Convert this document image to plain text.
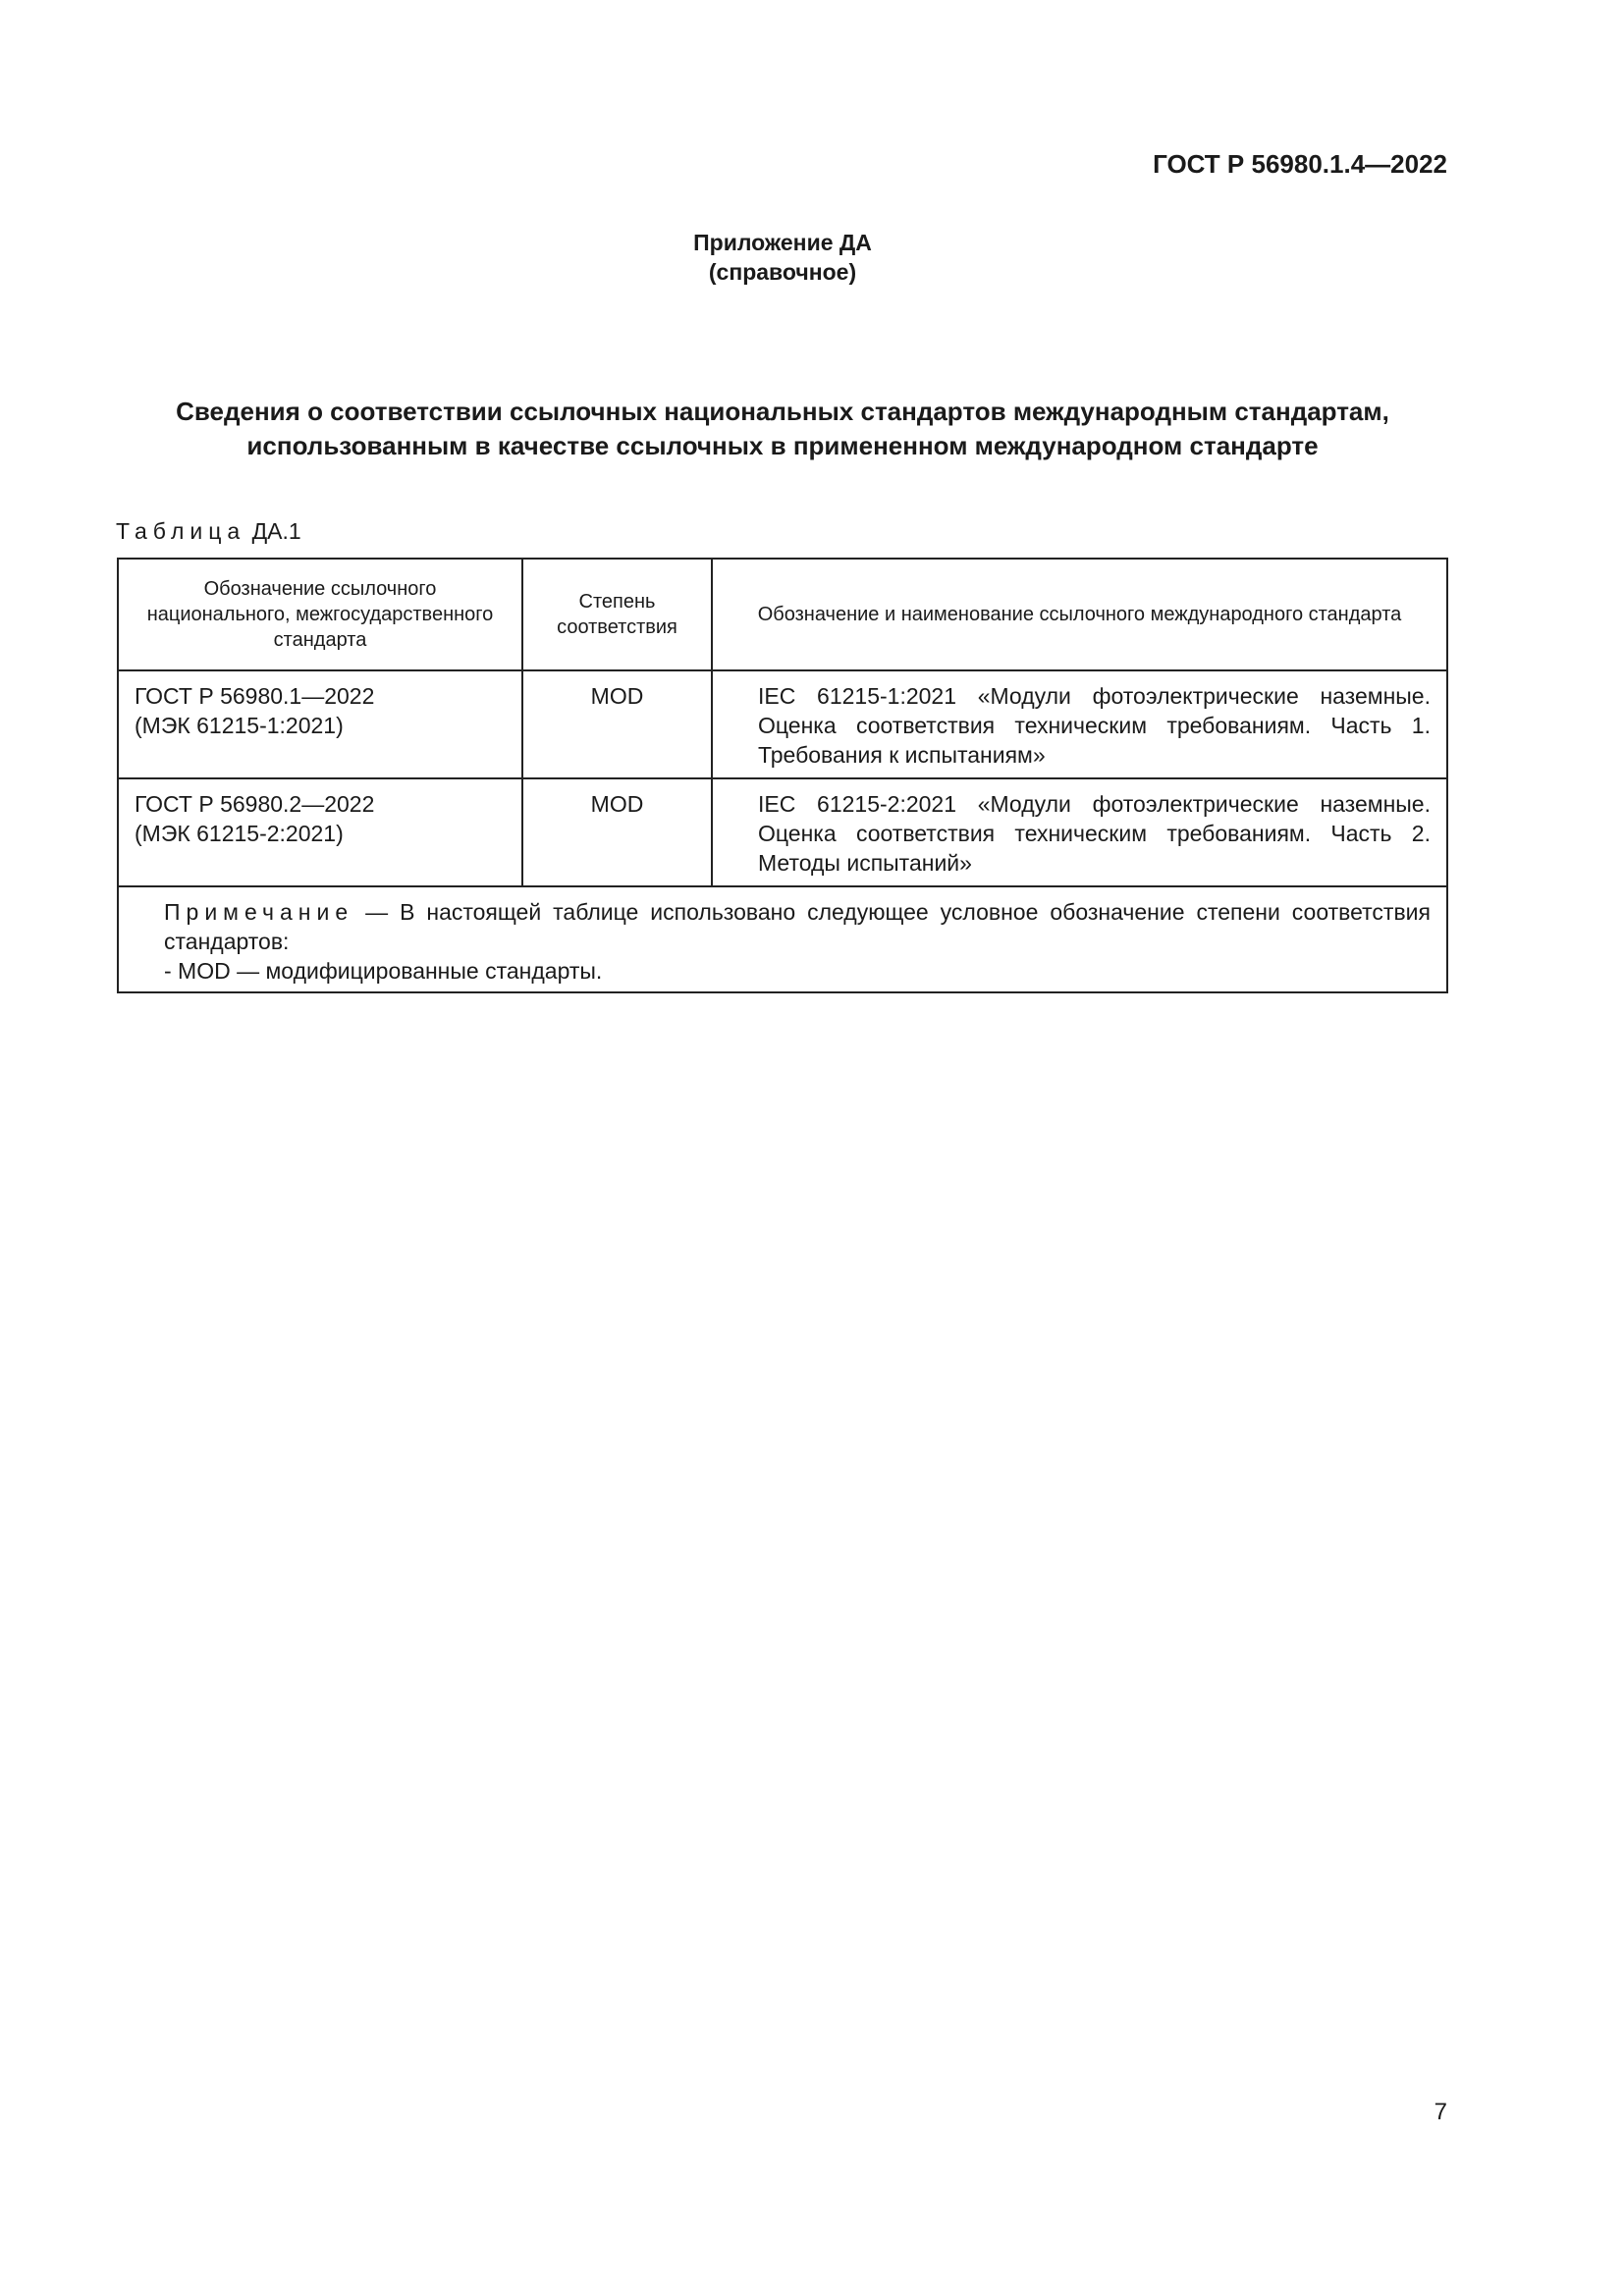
ГОСТ Р 56980.1.4—2022
Приложение ДА
(справочное)
Сведения о соответствии ссылочных национальных стандартов международным стандартам,
использованным в качестве ссылочных в примененном международном стандарте
Таблица ДА.1
Обозначение ссылочного национального, межгосударственного стандарта	Степень соответствия	Обозначение и наименование ссылочного международного стандарта

ГОСТ Р 56980.1—2022
(МЭК 61215-1:2021)	MOD	IEC 61215-1:2021 «Модули фотоэлектрические наземные. Оценка соответствия техническим требованиям. Часть 1. Требования к испытаниям»

ГОСТ Р 56980.2—2022
(МЭК 61215-2:2021)	MOD	IEC 61215-2:2021 «Модули фотоэлектрические наземные. Оценка соответствия техническим требованиям. Часть 2. Методы испытаний»

Примечание — В настоящей таблице использовано следующее условное обозначение степени соответствия стандартов:
- MOD — модифицированные стандарты.		
7
